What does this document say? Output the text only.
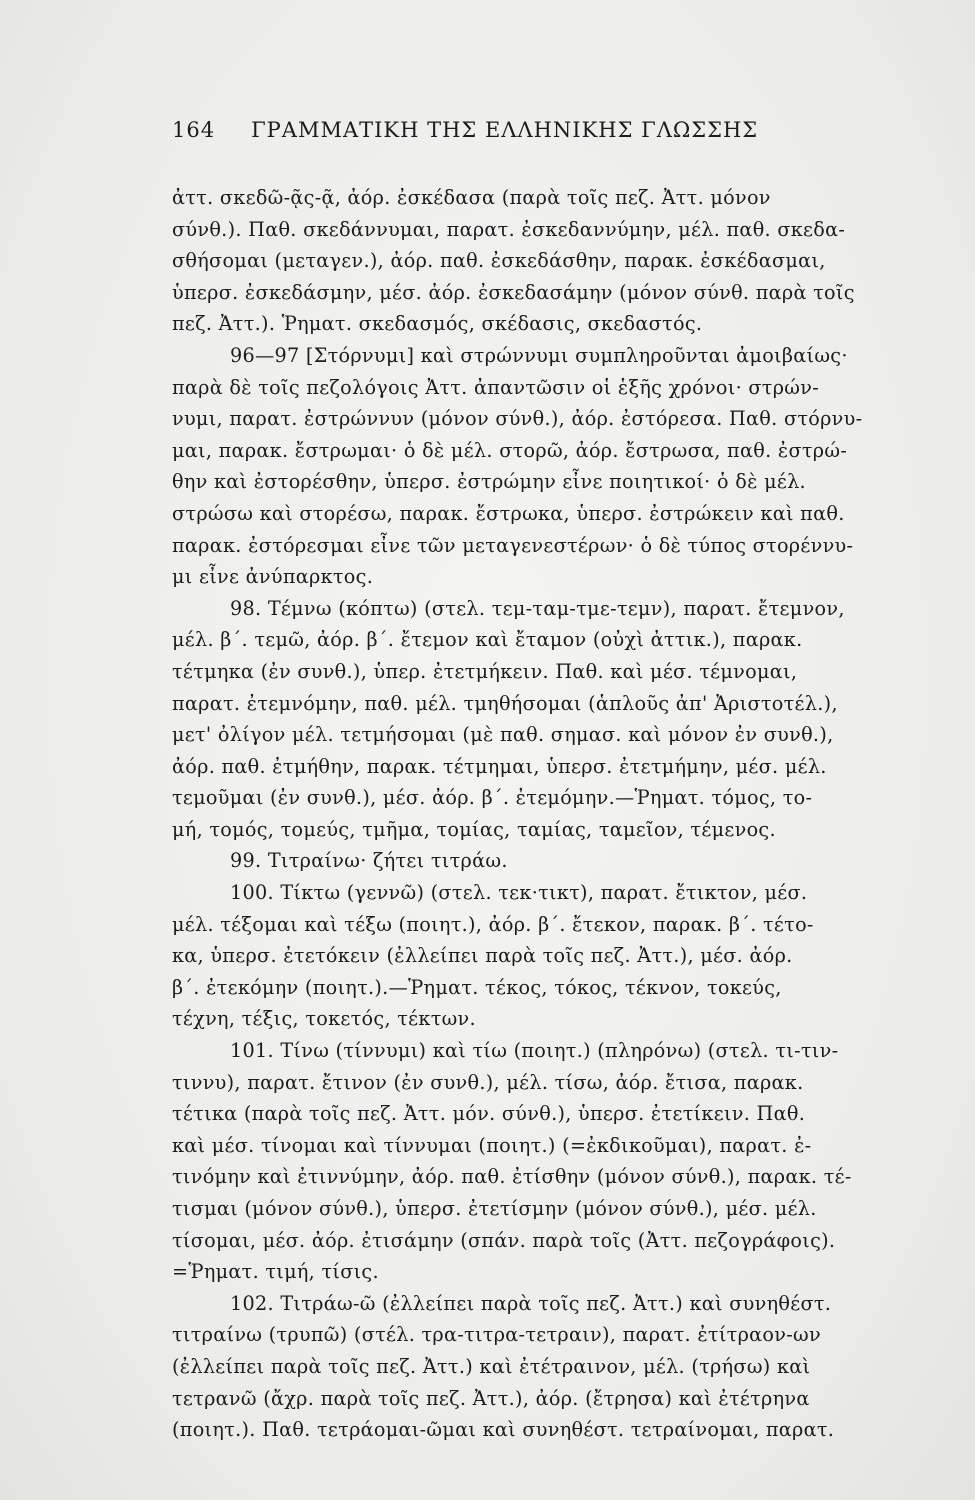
164 ΓΡΑΜΜΑΤΙΚΗ ΤΗΣ ΕΛΛΗΝΙΚΗΣ ΓΛΩΣΣΗΣ
ἀττ. σκεδῶ-ᾷς-ᾷ, ἀόρ. ἐσκέδασα (παρὰ τοῖς πεζ. Ἀττ. μόνον
σύνθ.). Παθ. σκεδάννυμαι, παρατ. ἐσκεδαννύμην, μέλ. παθ. σκεδα-
σθήσομαι (μεταγεν.), ἀόρ. παθ. ἐσκεδάσθην, παρακ. ἐσκέδασμαι,
ὑπερσ. ἐσκεδάσμην, μέσ. ἀόρ. ἐσκεδασάμην (μόνον σύνθ. παρὰ τοῖς
πεζ. Ἀττ.). Ῥηματ. σκεδασμός, σκέδασις, σκεδαστός.
96—97 [Στόρνυμι] καὶ στρώννυμι συμπληροῦνται ἀμοιβαίως·
παρὰ δὲ τοῖς πεζολόγοις Ἀττ. ἀπαντῶσιν οἱ ἑξῆς χρόνοι· στρών-
νυμι, παρατ. ἐστρώννυν (μόνον σύνθ.), ἀόρ. ἐστόρεσα. Παθ. στόρνυ-
μαι, παρακ. ἔστρωμαι· ὁ δὲ μέλ. στορῶ, ἀόρ. ἔστρωσα, παθ. ἐστρώ-
θην καὶ ἐστορέσθην, ὑπερσ. ἐστρώμην εἶνε ποιητικοί· ὁ δὲ μέλ.
στρώσω καὶ στορέσω, παρακ. ἔστρωκα, ὑπερσ. ἐστρώκειν καὶ παθ.
παρακ. ἐστόρεσμαι εἶνε τῶν μεταγενεστέρων· ὁ δὲ τύπος στορέννυ-
μι εἶνε ἀνύπαρκτος.
98. Τέμνω (κόπτω) (στελ. τεμ-ταμ-τμε-τεμν), παρατ. ἔτεμνον,
μέλ. β΄. τεμῶ, ἀόρ. β΄. ἔτεμον καὶ ἔταμον (οὐχὶ ἀττικ.), παρακ.
τέτμηκα (ἐν συνθ.), ὑπερ. ἐτετμήκειν. Παθ. καὶ μέσ. τέμνομαι,
παρατ. ἐτεμνόμην, παθ. μέλ. τμηθήσομαι (ἁπλοῦς ἀπ' Ἀριστοτέλ.),
μετ' ὀλίγον μέλ. τετμήσομαι (μὲ παθ. σημασ. καὶ μόνον ἐν συνθ.),
ἀόρ. παθ. ἐτμήθην, παρακ. τέτμημαι, ὑπερσ. ἐτετμήμην, μέσ. μέλ.
τεμοῦμαι (ἐν συνθ.), μέσ. ἀόρ. β΄. ἐτεμόμην.—Ῥηματ. τόμος, το-
μή, τομός, τομεύς, τμῆμα, τομίας, ταμίας, ταμεῖον, τέμενος.
99. Τιτραίνω· ζήτει τιτράω.
100. Τίκτω (γεννῶ) (στελ. τεκ·τικτ), παρατ. ἔτικτον, μέσ.
μέλ. τέξομαι καὶ τέξω (ποιητ.), ἀόρ. β΄. ἔτεκον, παρακ. β΄. τέτο-
κα, ὑπερσ. ἐτετόκειν (ἐλλείπει παρὰ τοῖς πεζ. Ἀττ.), μέσ. ἀόρ.
β΄. ἐτεκόμην (ποιητ.).—Ῥηματ. τέκος, τόκος, τέκνον, τοκεύς,
τέχνη, τέξις, τοκετός, τέκτων.
101. Τίνω (τίννυμι) καὶ τίω (ποιητ.) (πληρόνω) (στελ. τι-τιν-
τιννυ), παρατ. ἔτινον (ἐν συνθ.), μέλ. τίσω, ἀόρ. ἔτισα, παρακ.
τέτικα (παρὰ τοῖς πεζ. Ἀττ. μόν. σύνθ.), ὑπερσ. ἐτετίκειν. Παθ.
καὶ μέσ. τίνομαι καὶ τίννυμαι (ποιητ.) (=ἐκδικοῦμαι), παρατ. ἐ-
τινόμην καὶ ἐτιννύμην, ἀόρ. παθ. ἐτίσθην (μόνον σύνθ.), παρακ. τέ-
τισμαι (μόνον σύνθ.), ὑπερσ. ἐτετίσμην (μόνον σύνθ.), μέσ. μέλ.
τίσομαι, μέσ. ἀόρ. ἐτισάμην (σπάν. παρὰ τοῖς (Ἀττ. πεζογράφοις).
=Ῥηματ. τιμή, τίσις.
102. Τιτράω-ῶ (ἐλλείπει παρὰ τοῖς πεζ. Ἀττ.) καὶ συνηθέστ.
τιτραίνω (τρυπῶ) (στέλ. τρα-τιτρα-τετραιν), παρατ. ἐτίτραον-ων
(ἐλλείπει παρὰ τοῖς πεζ. Ἀττ.) καὶ ἐτέτραινον, μέλ. (τρήσω) καὶ
τετρανῶ (ἄχρ. παρὰ τοῖς πεζ. Ἀττ.), ἀόρ. (ἔτρησα) καὶ ἐτέτρηνα
(ποιητ.). Παθ. τετράομαι-ῶμαι καὶ συνηθέστ. τετραίνομαι, παρατ.
